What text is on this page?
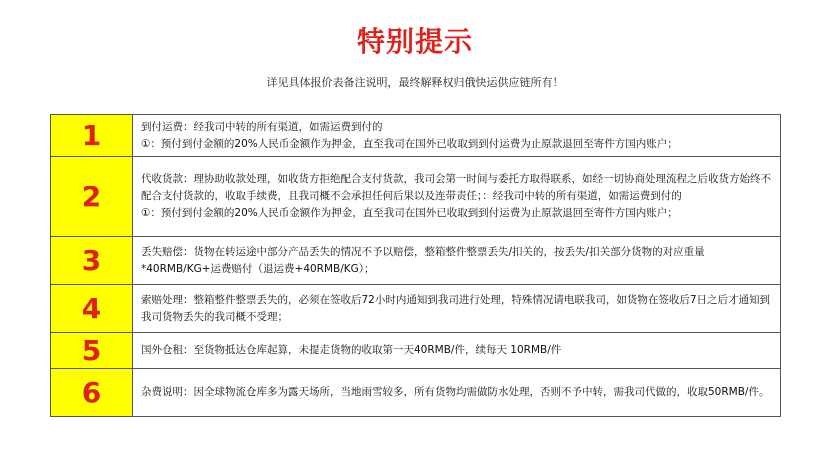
特别提示
详见具体报价表备注说明，最终解释权归俄快运供应链所有！
1	到付运费：经我司中转的所有渠道，如需运费到付的
①：预付到付金额的20%人民币金额作为押金，直至我司在国外已收取到到付运费为止原款退回至寄件方国内账户；

2	代收货款：理协助收款处理，如收货方拒绝配合支付货款，我司会第一时间与委托方取得联系，如经一切协商处理流程之后收货方始终不配合支付货款的，收取手续费，且我司概不会承担任何后果以及连带责任；：经我司中转的所有渠道，如需运费到付的
①：预付到付金额的20%人民币金额作为押金，直至我司在国外已收取到到付运费为止原款退回至寄件方国内账户；

3	丢失赔偿：货物在转运途中部分产品丢失的情况不予以赔偿，整箱整件整票丢失/扣关的，按丢失/扣关部分货物的对应重量*40RMB/KG+运费赔付（退运费+40RMB/KG）；

4	索赔处理：整箱整件整票丢失的，必须在签收后72小时内通知到我司进行处理，特殊情况请电联我司，如货物在签收后7日之后才通知到我司货物丢失的我司概不受理；

5	国外仓租：至货物抵达仓库起算，未提走货物的收取第一天40RMB/件，续每天 10RMB/件

6	杂费说明：因全球物流仓库多为露天场所，当地雨雪较多，所有货物均需做防水处理，否则不予中转，需我司代做的，收取50RMB/件。
